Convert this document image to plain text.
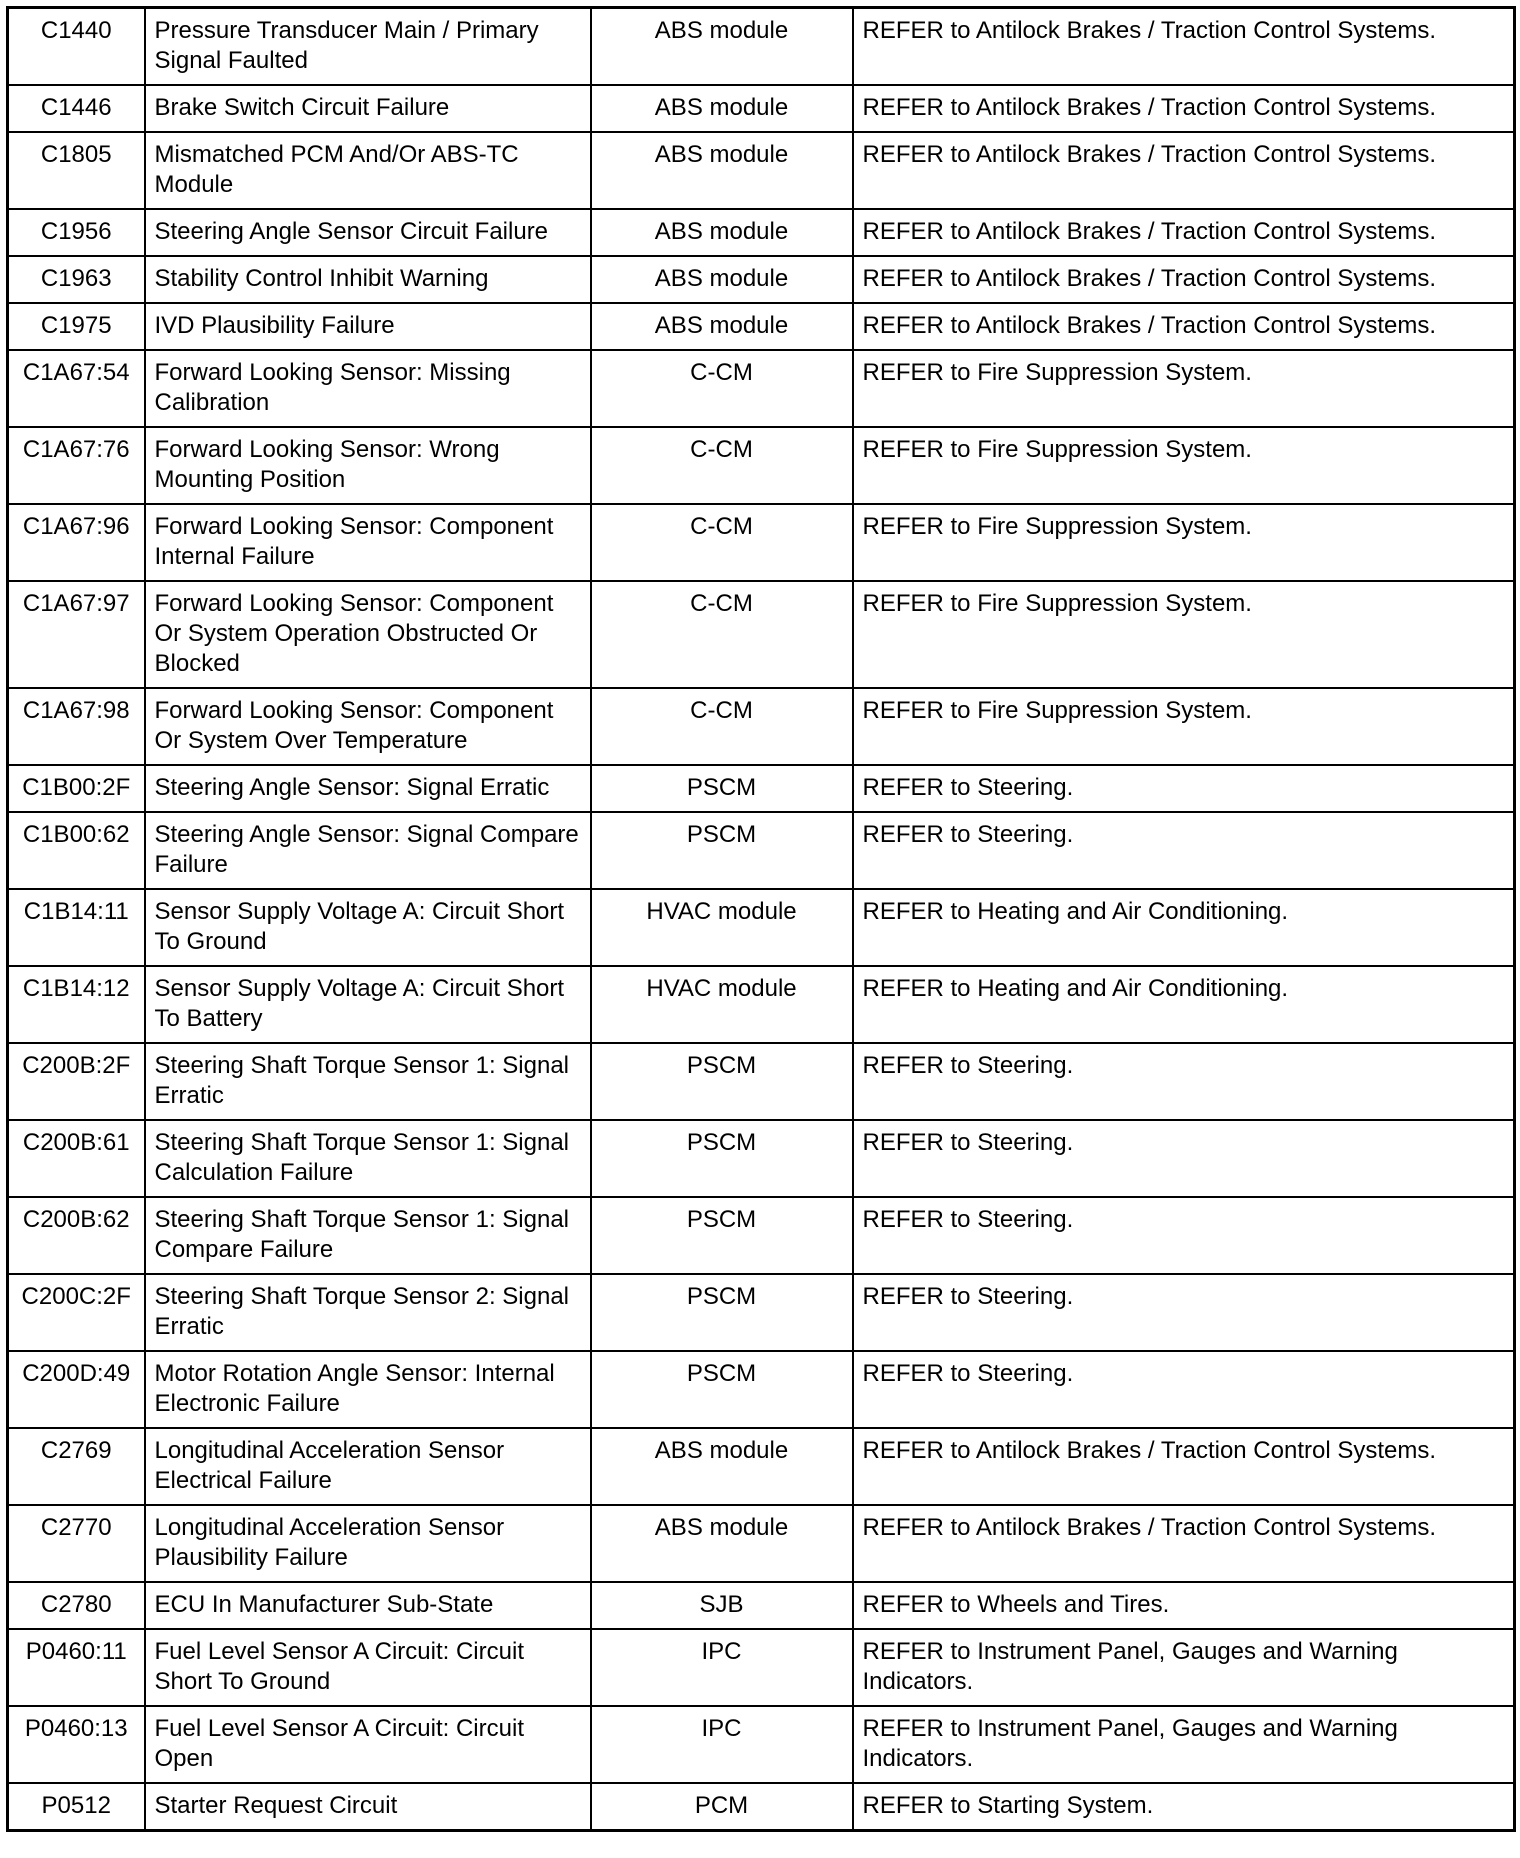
C1440	Pressure Transducer Main / Primary Signal Faulted	ABS module	REFER to Antilock Brakes / Traction Control Systems.
C1446	Brake Switch Circuit Failure	ABS module	REFER to Antilock Brakes / Traction Control Systems.
C1805	Mismatched PCM And/Or ABS-TC Module	ABS module	REFER to Antilock Brakes / Traction Control Systems.
C1956	Steering Angle Sensor Circuit Failure	ABS module	REFER to Antilock Brakes / Traction Control Systems.
C1963	Stability Control Inhibit Warning	ABS module	REFER to Antilock Brakes / Traction Control Systems.
C1975	IVD Plausibility Failure	ABS module	REFER to Antilock Brakes / Traction Control Systems.
C1A67:54	Forward Looking Sensor: Missing Calibration	C-CM	REFER to Fire Suppression System.
C1A67:76	Forward Looking Sensor: Wrong Mounting Position	C-CM	REFER to Fire Suppression System.
C1A67:96	Forward Looking Sensor: Component Internal Failure	C-CM	REFER to Fire Suppression System.
C1A67:97	Forward Looking Sensor: Component Or System Operation Obstructed Or Blocked	C-CM	REFER to Fire Suppression System.
C1A67:98	Forward Looking Sensor: Component Or System Over Temperature	C-CM	REFER to Fire Suppression System.
C1B00:2F	Steering Angle Sensor: Signal Erratic	PSCM	REFER to Steering.
C1B00:62	Steering Angle Sensor: Signal Compare Failure	PSCM	REFER to Steering.
C1B14:11	Sensor Supply Voltage A: Circuit Short To Ground	HVAC module	REFER to Heating and Air Conditioning.
C1B14:12	Sensor Supply Voltage A: Circuit Short To Battery	HVAC module	REFER to Heating and Air Conditioning.
C200B:2F	Steering Shaft Torque Sensor 1: Signal Erratic	PSCM	REFER to Steering.
C200B:61	Steering Shaft Torque Sensor 1: Signal Calculation Failure	PSCM	REFER to Steering.
C200B:62	Steering Shaft Torque Sensor 1: Signal Compare Failure	PSCM	REFER to Steering.
C200C:2F	Steering Shaft Torque Sensor 2: Signal Erratic	PSCM	REFER to Steering.
C200D:49	Motor Rotation Angle Sensor: Internal Electronic Failure	PSCM	REFER to Steering.
C2769	Longitudinal Acceleration Sensor Electrical Failure	ABS module	REFER to Antilock Brakes / Traction Control Systems.
C2770	Longitudinal Acceleration Sensor Plausibility Failure	ABS module	REFER to Antilock Brakes / Traction Control Systems.
C2780	ECU In Manufacturer Sub-State	SJB	REFER to Wheels and Tires.
P0460:11	Fuel Level Sensor A Circuit: Circuit Short To Ground	IPC	REFER to Instrument Panel, Gauges and Warning Indicators.
P0460:13	Fuel Level Sensor A Circuit: Circuit Open	IPC	REFER to Instrument Panel, Gauges and Warning Indicators.
P0512	Starter Request Circuit	PCM	REFER to Starting System.
